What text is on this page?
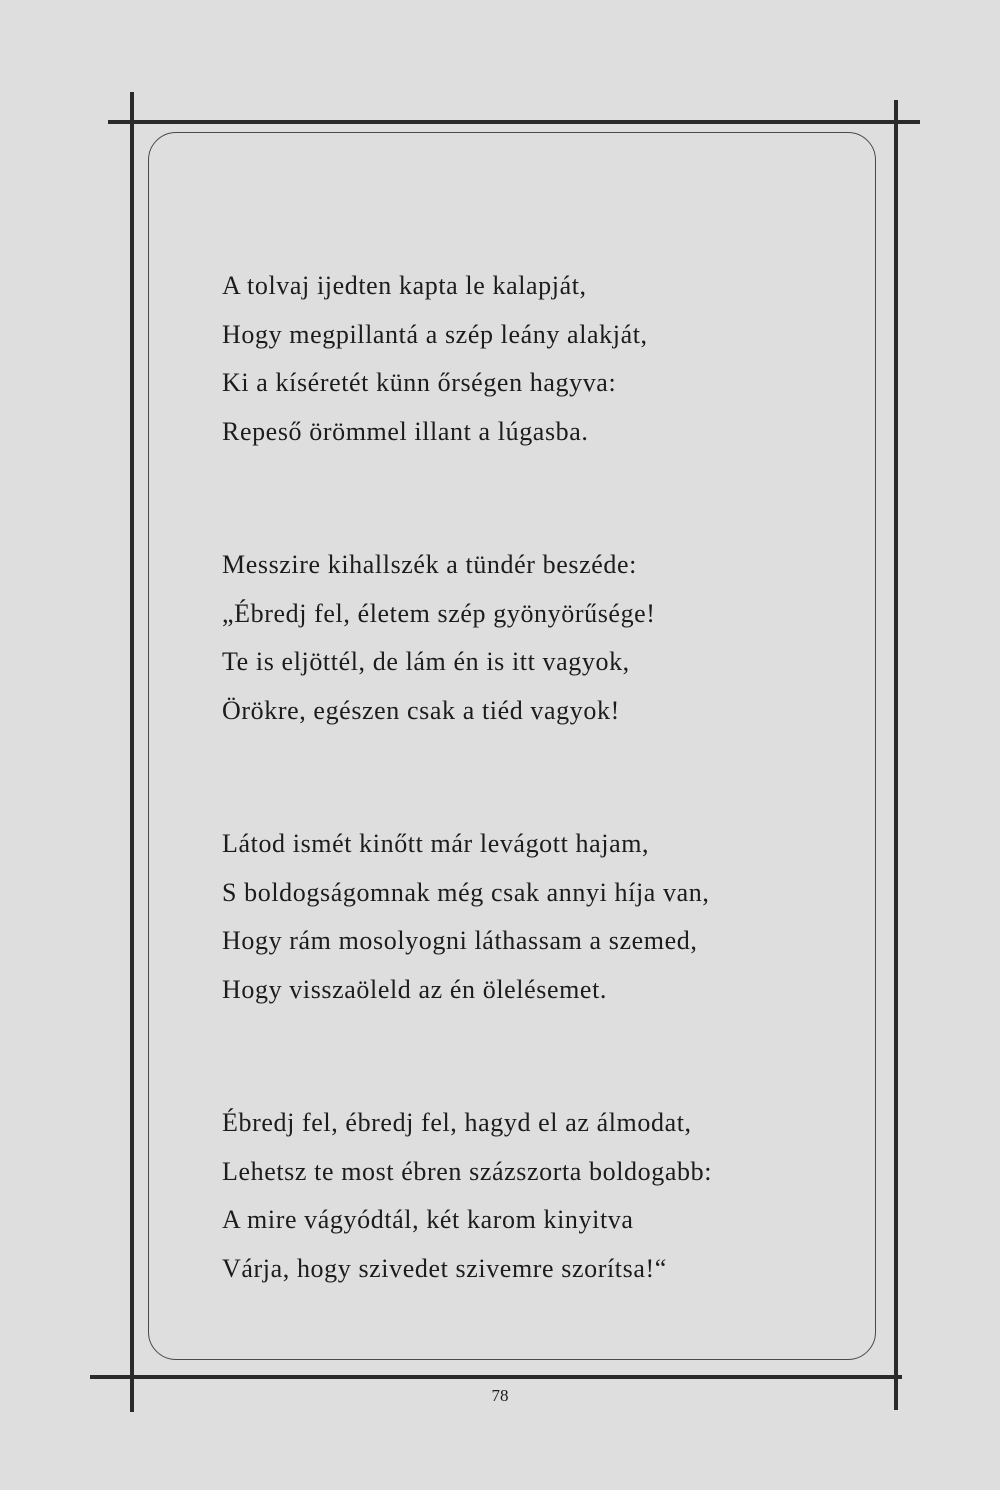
A tolvaj ijedten kapta le kalapját,
Hogy megpillantá a szép leány alakját,
Ki a kíséretét künn őrségen hagyva:
Repeső örömmel illant a lúgasba.
Messzire kihallszék a tündér beszéde:
„Ébredj fel, életem szép gyönyörűsége!
Te is eljöttél, de lám én is itt vagyok,
Örökre, egészen csak a tiéd vagyok!
Látod ismét kinőtt már levágott hajam,
S boldogságomnak még csak annyi híja van,
Hogy rám mosolyogni láthassam a szemed,
Hogy visszaöleld az én ölelésemet.
Ébredj fel, ébredj fel, hagyd el az álmodat,
Lehetsz te most ébren százszorta boldogabb:
A mire vágyódtál, két karom kinyitva
Várja, hogy szivedet szivemre szorítsa!“
78
